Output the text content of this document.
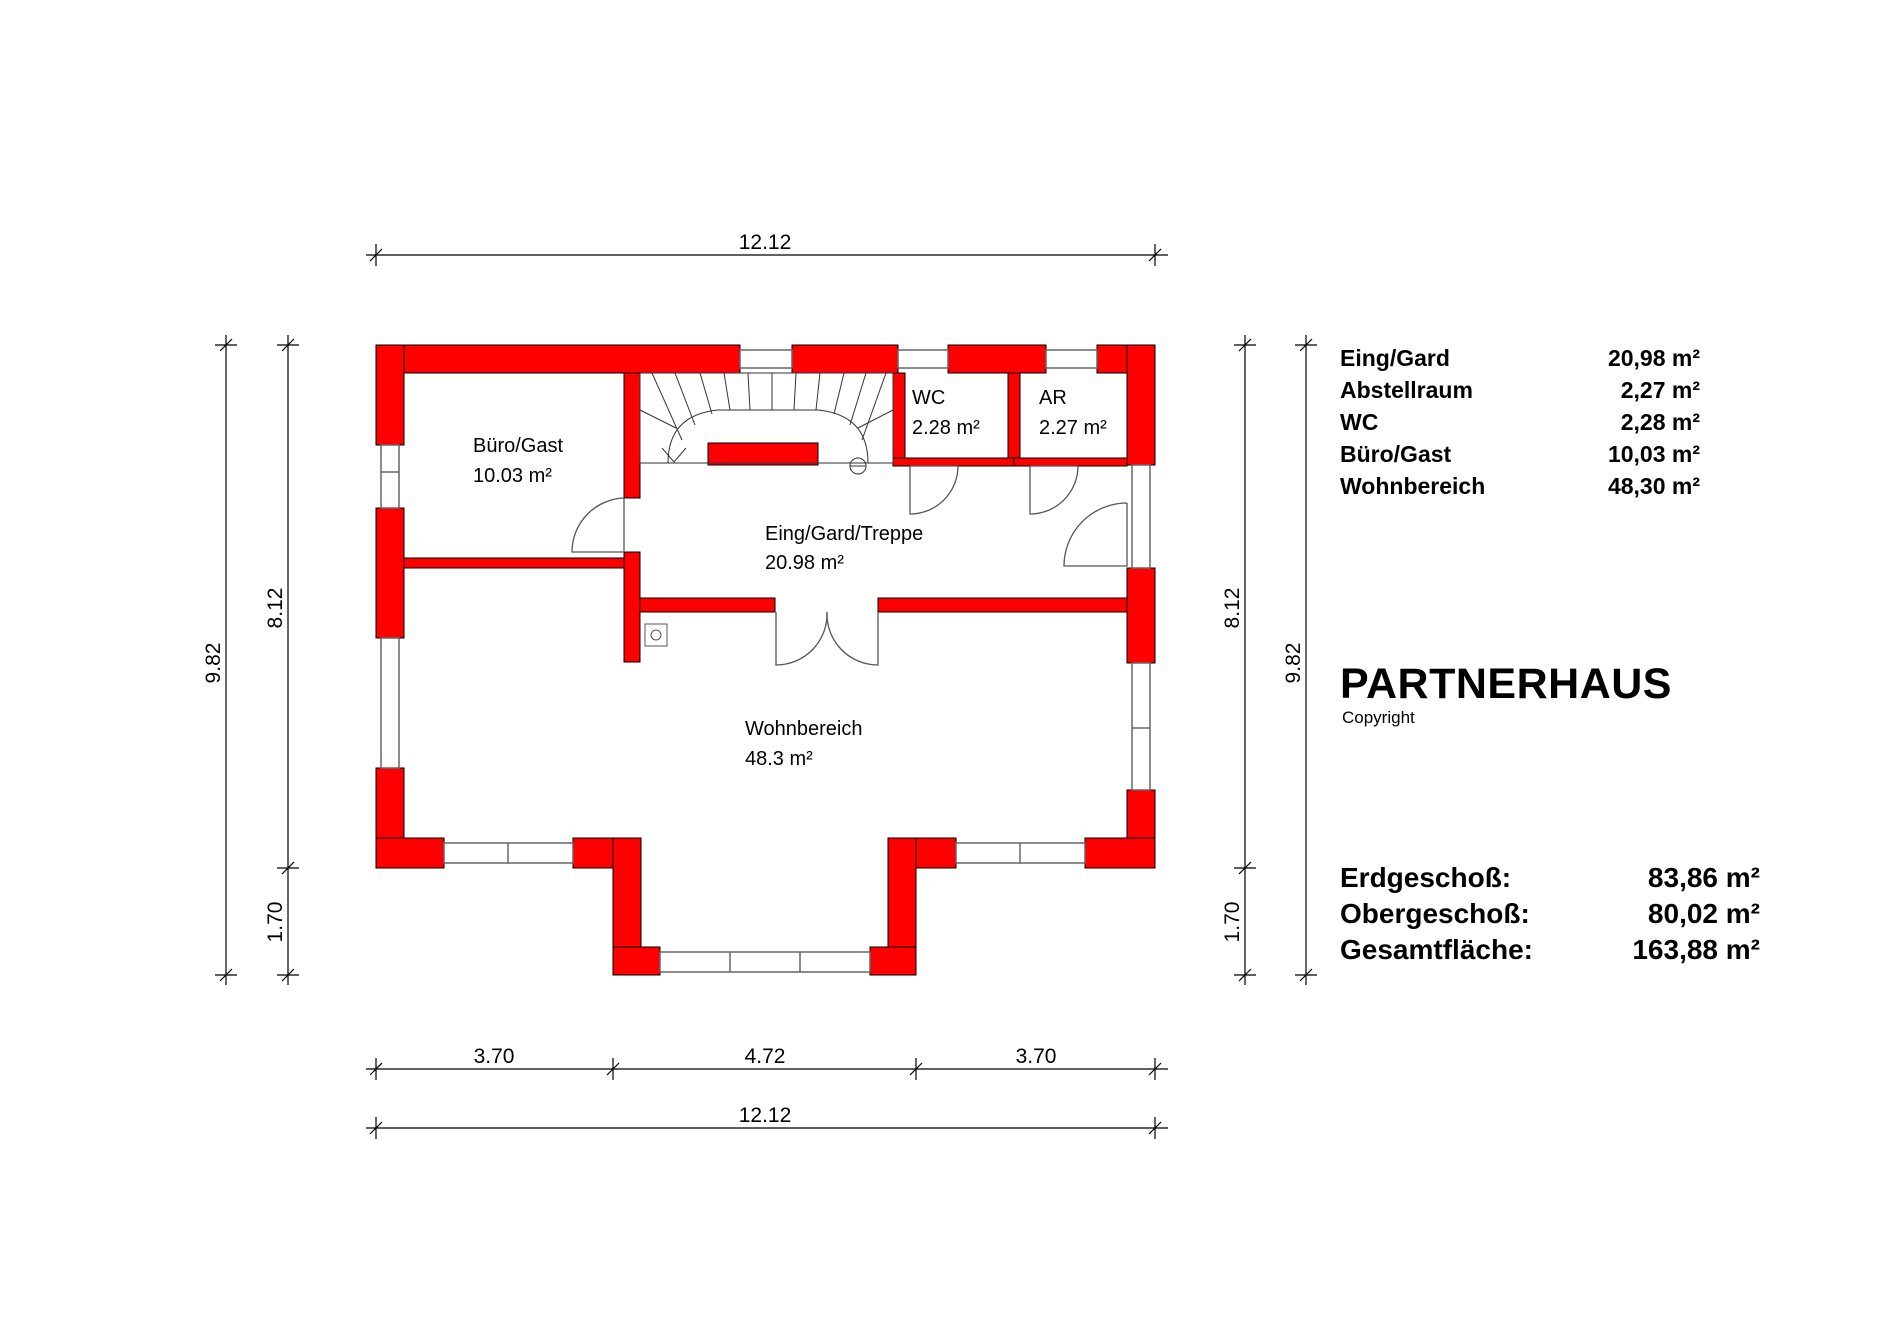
12.12
3.70	4.72	3.70
12.12
9.82
8.12
1.70
8.12
1.70
9.82
Büro/Gast
10.03 m²
Eing/Gard/Treppe
20.98 m²
WC
2.28 m²
AR
2.27 m²
Wohnbereich
48.3 m²
Eing/Gard	20,98 m²
Abstellraum	2,27 m²
WC	2,28 m²
Büro/Gast	10,03 m²
Wohnbereich	48,30 m²
PARTNERHAUS
Copyright
Erdgeschoß:	83,86 m²
Obergeschoß:	80,02 m²
Gesamtfläche:	163,88 m²
